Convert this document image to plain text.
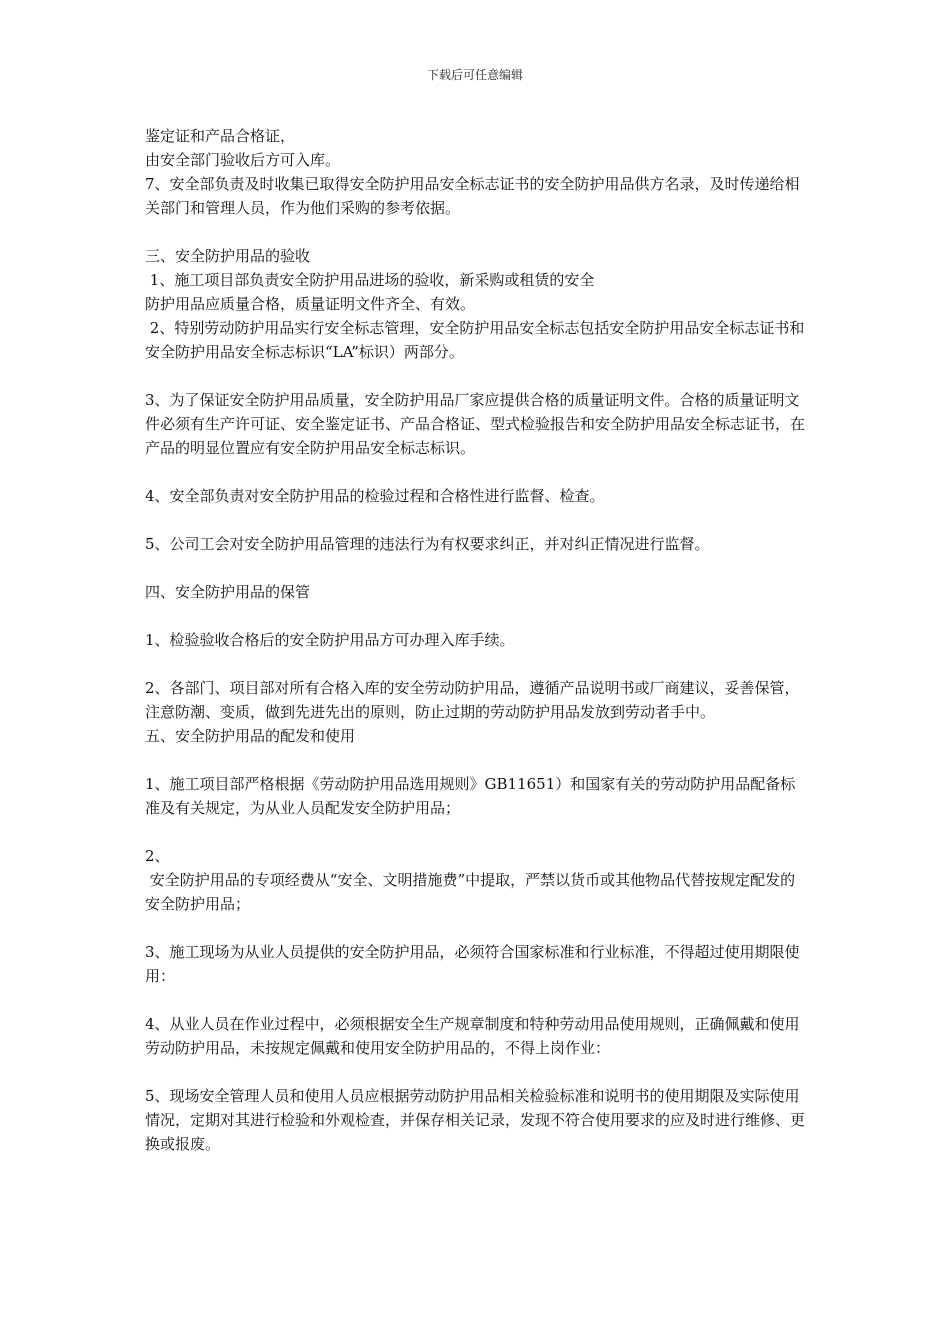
下载后可任意编辑

鉴定证和产品合格证，

由安全部门验收后方可入库。

7、安全部负责及时收集已取得安全防护用品安全标志证书的安全防护用品供方名录，及时传递给相关部门和管理人员，作为他们采购的参考依据。

三、安全防护用品的验收

1、施工项目部负责安全防护用品进场的验收，新采购或租赁的安全

防护用品应质量合格，质量证明文件齐全、有效。

2、特别劳动防护用品实行安全标志管理，安全防护用品安全标志包括安全防护用品安全标志证书和安全防护用品安全标志标识“LA”标识）两部分。

3、为了保证安全防护用品质量，安全防护用品厂家应提供合格的质量证明文件。合格的质量证明文件必须有生产许可证、安全鉴定证书、产品合格证、型式检验报告和安全防护用品安全标志证书，在产品的明显位置应有安全防护用品安全标志标识。

4、安全部负责对安全防护用品的检验过程和合格性进行监督、检查。

5、公司工会对安全防护用品管理的违法行为有权要求纠正，并对纠正情况进行监督。

四、安全防护用品的保管

1、检验验收合格后的安全防护用品方可办理入库手续。

2、各部门、项目部对所有合格入库的安全劳动防护用品，遵循产品说明书或厂商建议，妥善保管，注意防潮、变质，做到先进先出的原则，防止过期的劳动防护用品发放到劳动者手中。

五、安全防护用品的配发和使用

1、施工项目部严格根据《劳动防护用品选用规则》GB11651）和国家有关的劳动防护用品配备标准及有关规定，为从业人员配发安全防护用品；

2、

安全防护用品的专项经费从“安全、文明措施费”中提取，严禁以货币或其他物品代替按规定配发的安全防护用品；

3、施工现场为从业人员提供的安全防护用品，必须符合国家标准和行业标准，不得超过使用期限使用：

4、从业人员在作业过程中，必须根据安全生产规章制度和特种劳动用品使用规则，正确佩戴和使用劳动防护用品，未按规定佩戴和使用安全防护用品的，不得上岗作业：

5、现场安全管理人员和使用人员应根据劳动防护用品相关检验标准和说明书的使用期限及实际使用情况，定期对其进行检验和外观检查，并保存相关记录，发现不符合使用要求的应及时进行维修、更换或报废。
